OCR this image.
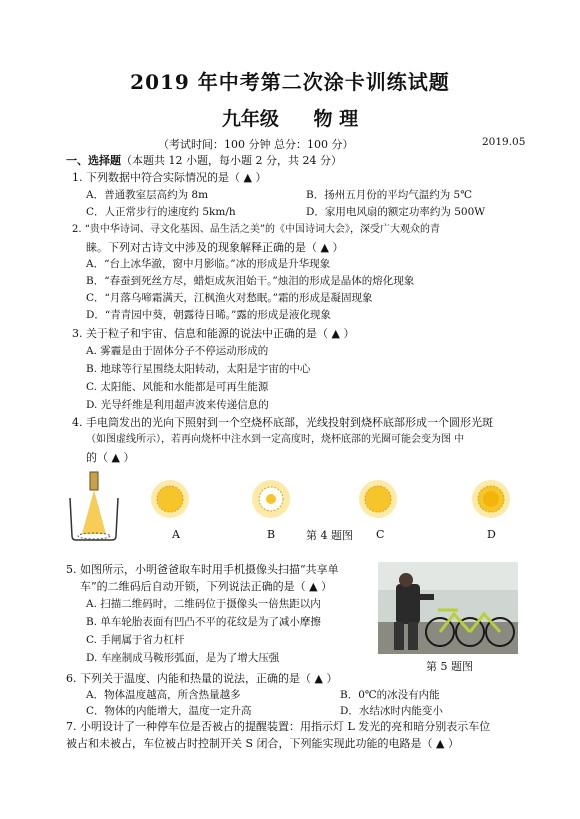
2019 年中考第二次涂卡训练试题
九年级 物 理
（考试时间：100 分钟 总分：100 分）	2019.05
一、选择题（本题共 12 小题，每小题 2 分，共 24 分）
1. 下列数据中符合实际情况的是（ ▲ ）
A．普通教室层高约为 8m	B．扬州五月份的平均气温约为 5℃
C．人正常步行的速度约 5km/h	D．家用电风扇的额定功率约为 500W
2. “贵中华诗词、寻文化基因、品生活之美”的《中国诗词大会》，深受广大观众的青
睐。下列对古诗文中涉及的现象解释正确的是（ ▲ ）
A．“台上冰华澈，窗中月影临。”冰的形成是升华现象
B．“春蚕到死丝方尽，蜡炬成灰泪始干。”烛泪的形成是晶体的熔化现象
C．“月落乌啼霜满天，江枫渔火对愁眠。”霜的形成是凝固现象
D．“青青园中葵，朝露待日晞。”露的形成是液化现象
3. 关于粒子和宇宙、信息和能源的说法中正确的是（ ▲ ）
A. 雾霾是由于固体分子不停运动形成的
B. 地球等行星围绕太阳转动，太阳是宇宙的中心
C. 太阳能、风能和水能都是可再生能源
D. 光导纤维是利用超声波来传递信息的
4. 手电筒发出的光向下照射到一个空烧杯底部，光线投射到烧杯底部形成一个圆形光斑
（如图虚线所示），若再向烧杯中注水到一定高度时，烧杯底部的光圈可能会变为图 中
的（ ▲ ）
A	B	第 4 题图 C	D
5. 如图所示，小明爸爸取车时用手机摄像头扫描“共享单
车”的二维码后自动开锁，下列说法正确的是（ ▲ ）
A. 扫描二维码时，二维码位于摄像头一倍焦距以内
B. 单车轮胎表面有凹凸不平的花纹是为了减小摩擦
C. 手闸属于省力杠杆
D. 车座制成马鞍形弧面，是为了增大压强
第 5 题图
6. 下列关于温度、内能和热量的说法，正确的是（ ▲ ）
A．物体温度越高，所含热量越多	B．0℃的冰没有内能
C．物体的内能增大，温度一定升高	D．水结冰时内能变小
7. 小明设计了一种停车位是否被占的提醒装置：用指示灯 L 发光的亮和暗分别表示车位
被占和未被占，车位被占时控制开关 S 闭合，下列能实现此功能的电路是（ ▲ ）
